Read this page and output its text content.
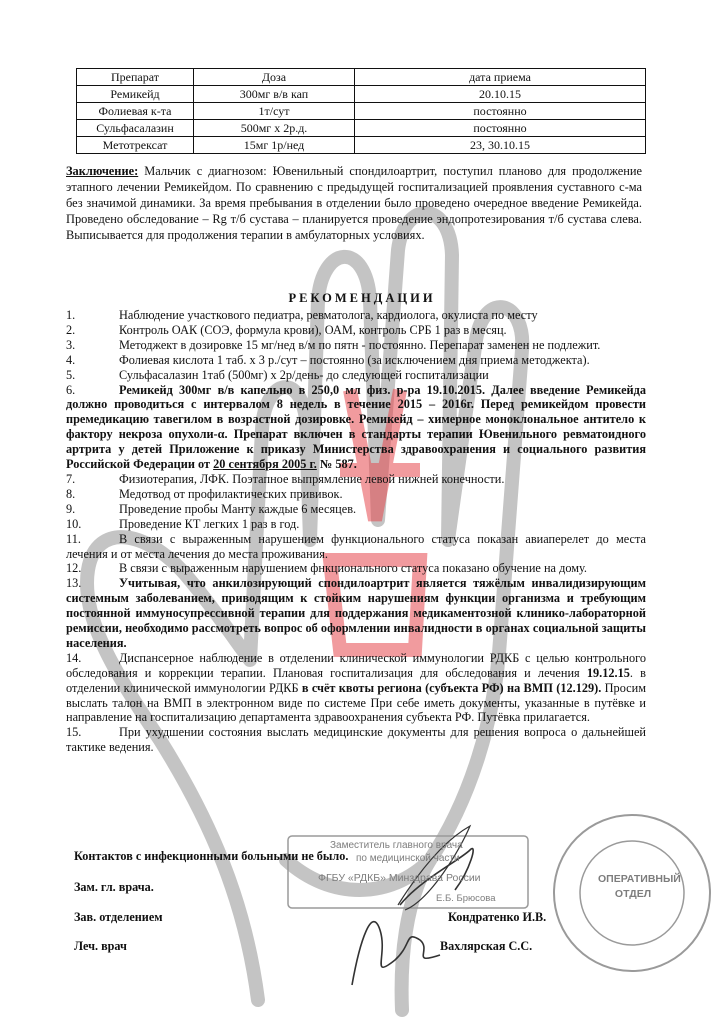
Препарат	Доза	дата приема
Ремикейд	300мг в/в кап	20.10.15
Фолиевая к-та	1т/сут	постоянно
Сульфасалазин	500мг х 2р.д.	постоянно
Метотрексат	15мг 1р/нед	23, 30.10.15
Заключение: Мальчик с диагнозом: Ювенильный спондилоартрит, поступил планово для продолжение этапного лечении Ремикейдом. По сравнению с предыдущей госпитализацией проявления суставного с-ма без значимой динамики. За время пребывания в отделении было проведено очередное введение Ремикейда. Проведено обследование – Rg т/б сустава – планируется проведение эндопротезирования т/б сустава слева. Выписывается для продолжения терапии в амбулаторных условиях.
РЕКОМЕНДАЦИИ
1.	Наблюдение участкового педиатра, ревматолога, кардиолога, окулиста по месту
2.	Контроль ОАК (СОЭ, формула крови), ОАМ, контроль СРБ 1 раз в месяц.
3.	Методжект в дозировке 15 мг/нед в/м по пятн - постоянно. Перепарат заменен не подлежит.
4.	Фолиевая кислота 1 таб. х 3 р./сут – постоянно (за исключением дня приема методжекта).
5.	Сульфасалазин 1таб (500мг) х 2р/день- до следующей госпитализации
6.	Ремикейд 300мг в/в капельно в 250,0 мл физ. р-ра 19.10.2015. Далее введение Ремикейда должно проводиться с интервалом 8 недель в течение 2015 – 2016г. Перед ремикейдом провести премедикацию тавегилом в возрастной дозировке. Ремикейд – химерное моноклональное антитело к фактору некроза опухоли-α. Препарат включен в стандарты терапии Ювенильного ревматоидного артрита у детей Приложение к приказу Министерства здравоохранения и социального развития Российской Федерации от 20 сентября 2005 г. № 587.
7.	Физиотерапия, ЛФК. Поэтапное выпрямление левой нижней конечности.
8.	Медотвод от профилактических прививок.
9.	Проведение пробы Манту каждые 6 месяцев.
10.	Проведение КТ легких 1 раз в год.
11.	В связи с выраженным нарушением функционального статуса показан авиаперелет до места лечения и от места лечения до места проживания.
12.	В связи с выраженным нарушением фнкционального статуса показано обучение на дому.
13.	Учитывая, что анкилозирующий спондилоартрит является тяжёлым инвалидизирующим системным заболеванием, приводящим к стойким нарушениям функции организма и требующим постоянной иммуносупрессивной терапии для поддержания медикаментозной клинико-лабораторной ремиссии, необходимо рассмотреть вопрос об оформлении инвалидности в органах социальной защиты населения.
14.	Диспансерное наблюдение в отделении клинической иммунологии РДКБ с целью контрольного обследования и коррекции терапии. Плановая госпитализация для обследования и лечения 19.12.15. в отделении клинической иммунологии РДКБ в счёт квоты региона (субъекта РФ) на ВМП (12.129). Просим выслать талон на ВМП в электронном виде по системе При себе иметь документы, указанные в путёвке и направление на госпитализацию департамента здравоохранения субъекта РФ. Путёвка прилагается.
15.	При ухудшении состояния выслать медицинские документы для решения вопроса о дальнейшей тактике ведения.
Заместитель главного врача
по медицинской части
ФГБУ «РДКБ» Минздрава России
Е.Б. Брюсова
ОПЕРАТИВНЫЙ ОТДЕЛ
Контактов с инфекционными больными не было.
Зам. гл. врача.
Зав. отделением	Кондратенко И.В.
Леч. врач	Вахлярская С.С.
